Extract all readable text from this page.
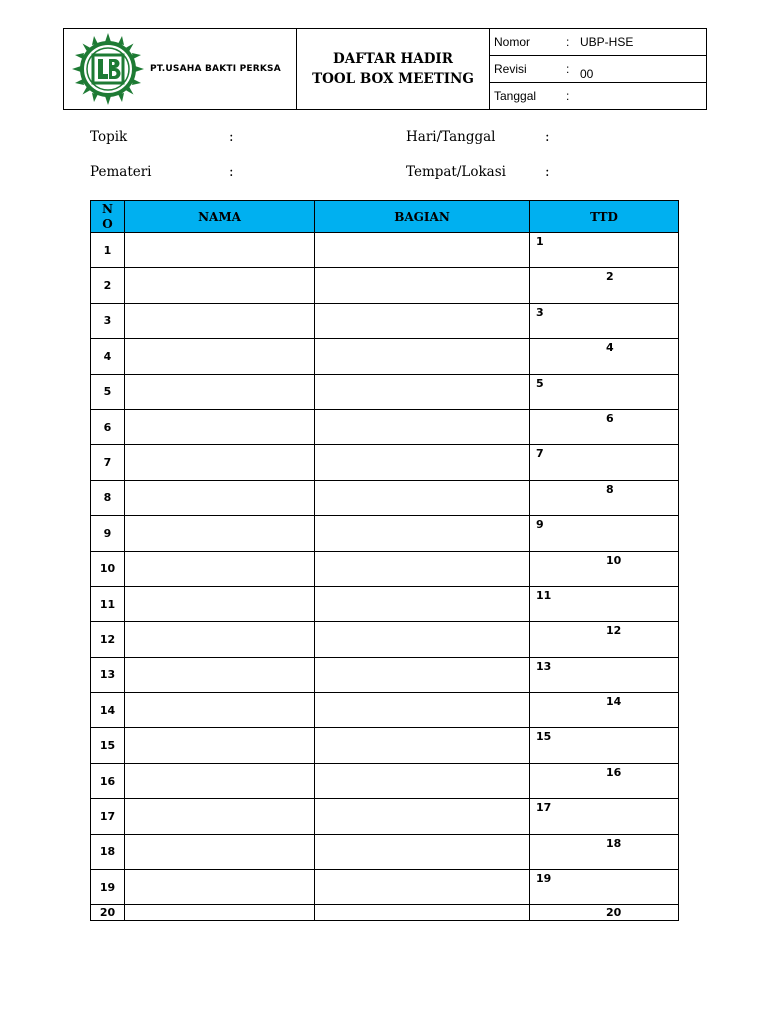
PT.USAHA BAKTI PERKSA
DAFTAR HADIR
TOOL BOX MEETING
Nomor	: UBP-HSE
Revisi	: 00
Tanggal	:
Topik	:	Hari/Tanggal	:
Pemateri	:	Tempat/Lokasi	:
N
O	NAMA	BAGIAN	TTD
1			1

2			2

3			3

4			4

5			5

6			6

7			7

8			8

9			9

10			10

11			11

12			12

13			13

14			14

15			15

16			16

17			17

18			18

19			19

20			20
